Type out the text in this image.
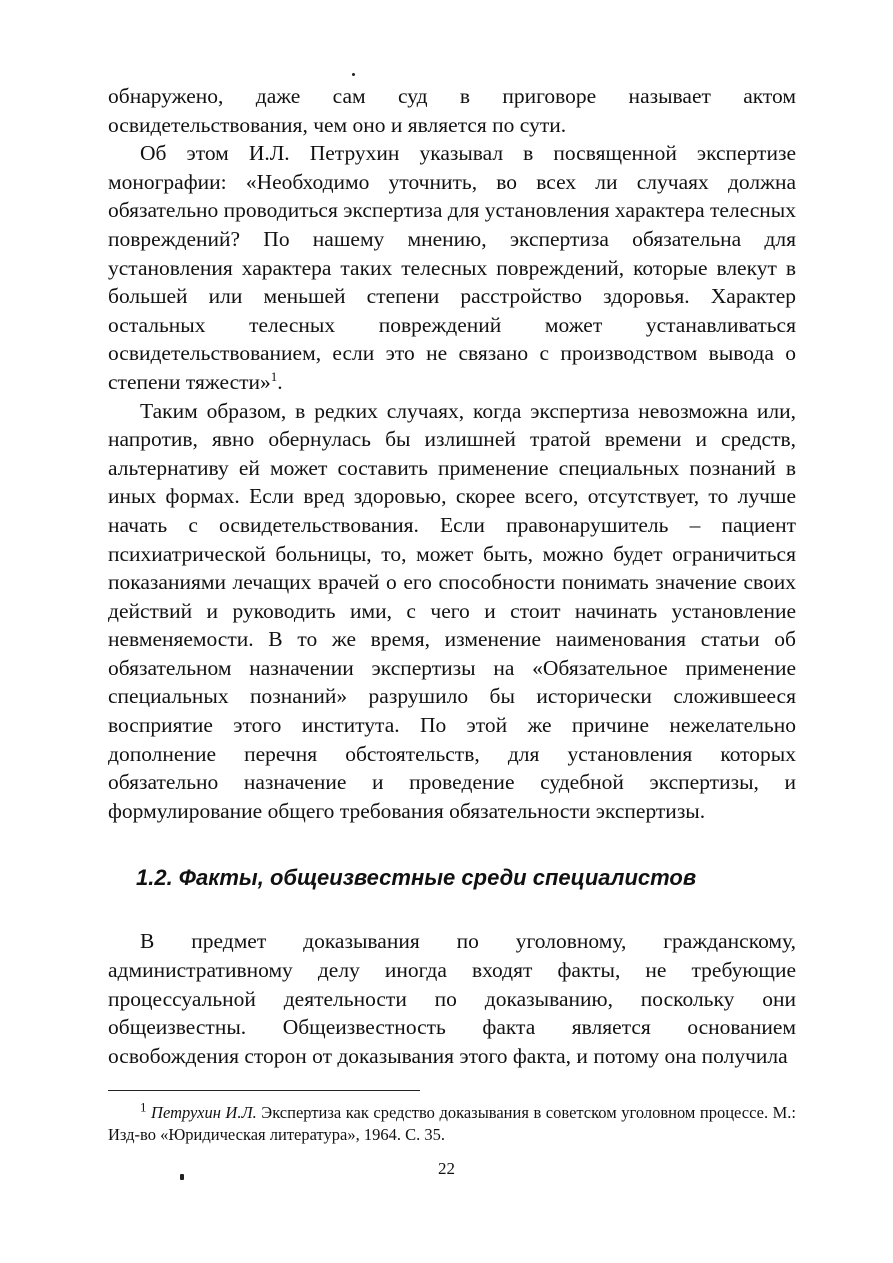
обнаружено, даже сам суд в приговоре называет актом освидетельствования, чем оно и является по сути.

Об этом И.Л. Петрухин указывал в посвященной экспертизе монографии: «Необходимо уточнить, во всех ли случаях должна обязательно проводиться экспертиза для установления характера телесных повреждений? По нашему мнению, экспертиза обязательна для установления характера таких телесных повреждений, которые влекут в большей или меньшей степени расстройство здоровья. Характер остальных телесных повреждений может устанавливаться освидетельствованием, если это не связано с производством вывода о степени тяжести»$^1$.

Таким образом, в редких случаях, когда экспертиза невозможна или, напротив, явно обернулась бы излишней тратой времени и средств, альтернативу ей может составить применение специальных познаний в иных формах. Если вред здоровью, скорее всего, отсутствует, то лучше начать с освидетельствования. Если правонарушитель – пациент психиатрической больницы, то, может быть, можно будет ограничиться показаниями лечащих врачей о его способности понимать значение своих действий и руководить ими, с чего и стоит начинать установление невменяемости. В то же время, изменение наименования статьи об обязательном назначении экспертизы на «Обязательное применение специальных познаний» разрушило бы исторически сложившееся восприятие этого института. По этой же причине нежелательно дополнение перечня обстоятельств, для установления которых обязательно назначение и проведение судебной экспертизы, и формулирование общего требования обязательности экспертизы.

1.2. Факты, общеизвестные среди специалистов

В предмет доказывания по уголовному, гражданскому, административному делу иногда входят факты, не требующие процессуальной деятельности по доказыванию, поскольку они общеизвестны. Общеизвестность факта является основанием освобождения сторон от доказывания этого факта, и потому она получила

$^1$ Петрухин И.Л. Экспертиза как средство доказывания в советском уголовном процессе. М.: Изд-во «Юридическая литература», 1964. С. 35.
22
